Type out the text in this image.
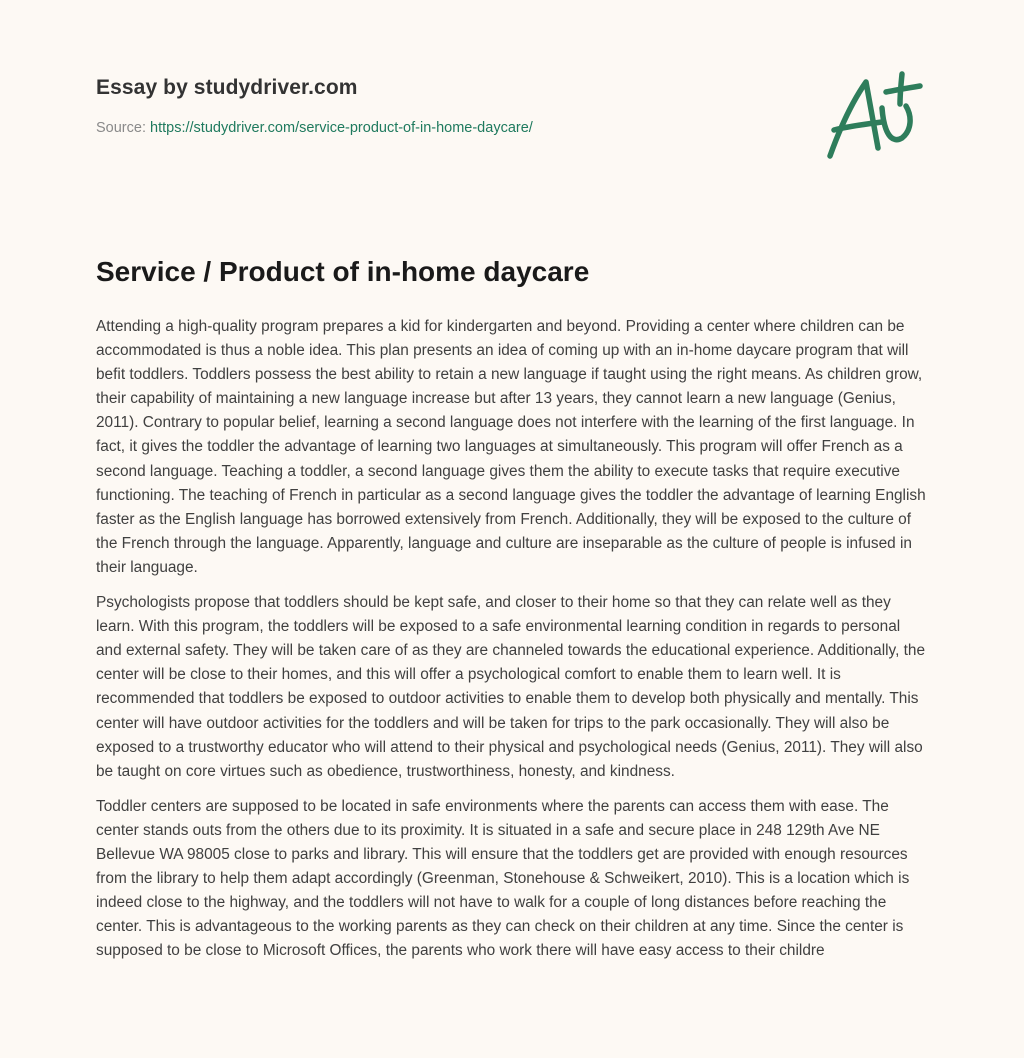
Essay by studydriver.com
Source: https://studydriver.com/service-product-of-in-home-daycare/
Service / Product of in-home daycare

Attending a high-quality program prepares a kid for kindergarten and beyond. Providing a center where children can be accommodated is thus a noble idea. This plan presents an idea of coming up with an in-home daycare program that will befit toddlers. Toddlers possess the best ability to retain a new language if taught using the right means. As children grow, their capability of maintaining a new language increase but after 13 years, they cannot learn a new language (Genius, 2011). Contrary to popular belief, learning a second language does not interfere with the learning of the first language. In fact, it gives the toddler the advantage of learning two languages at simultaneously. This program will offer French as a second language. Teaching a toddler, a second language gives them the ability to execute tasks that require executive functioning. The teaching of French in particular as a second language gives the toddler the advantage of learning English faster as the English language has borrowed extensively from French. Additionally, they will be exposed to the culture of the French through the language. Apparently, language and culture are inseparable as the culture of people is infused in their language.

Psychologists propose that toddlers should be kept safe, and closer to their home so that they can relate well as they learn. With this program, the toddlers will be exposed to a safe environmental learning condition in regards to personal and external safety. They will be taken care of as they are channeled towards the educational experience. Additionally, the center will be close to their homes, and this will offer a psychological comfort to enable them to learn well. It is recommended that toddlers be exposed to outdoor activities to enable them to develop both physically and mentally. This center will have outdoor activities for the toddlers and will be taken for trips to the park occasionally. They will also be exposed to a trustworthy educator who will attend to their physical and psychological needs (Genius, 2011). They will also be taught on core virtues such as obedience, trustworthiness, honesty, and kindness.

Toddler centers are supposed to be located in safe environments where the parents can access them with ease. The center stands outs from the others due to its proximity. It is situated in a safe and secure place in 248 129th Ave NE Bellevue WA 98005 close to parks and library. This will ensure that the toddlers get are provided with enough resources from the library to help them adapt accordingly (Greenman, Stonehouse & Schweikert, 2010). This is a location which is indeed close to the highway, and the toddlers will not have to walk for a couple of long distances before reaching the center. This is advantageous to the working parents as they can check on their children at any time. Since the center is supposed to be close to Microsoft Offices, the parents who work there will have easy access to their childre
